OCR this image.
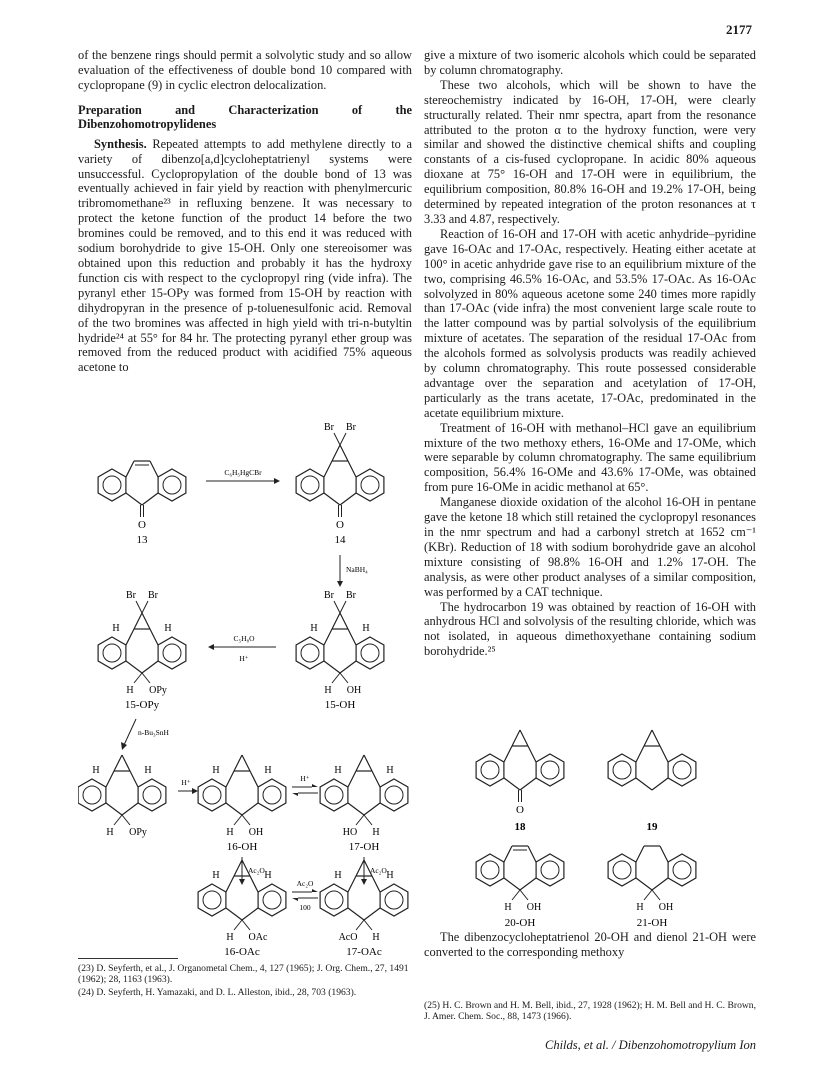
2177

of the benzene rings should permit a solvolytic study and so allow evaluation of the effectiveness of double bond 10 compared with cyclopropane (9) in cyclic electron delocalization.

Preparation and Characterization of the Dibenzohomotropylidenes

Synthesis. Repeated attempts to add methylene directly to a variety of dibenzo[a,d]cycloheptatrienyl systems were unsuccessful. Cyclopropylation of the double bond of 13 was eventually achieved in fair yield by reaction with phenylmercuric tribromomethane²³ in refluxing benzene. It was necessary to protect the ketone function of the product 14 before the two bromines could be removed, and to this end it was reduced with sodium borohydride to give 15-OH. Only one stereoisomer was obtained upon this reduction and probably it has the hydroxy function cis with respect to the cyclopropyl ring (vide infra). The pyranyl ether 15-OPy was formed from 15-OH by reaction with dihydropyran in the presence of p-toluenesulfonic acid. Removal of the two bromines was affected in high yield with tri-n-butyltin hydride²⁴ at 55° for 84 hr. The protecting pyranyl ether group was removed from the reduced product with acidified 75% aqueous acetone to

give a mixture of two isomeric alcohols which could be separated by column chromatography.

These two alcohols, which will be shown to have the stereochemistry indicated by 16-OH, 17-OH, were clearly structurally related. Their nmr spectra, apart from the resonance attributed to the proton α to the hydroxy function, were very similar and showed the distinctive chemical shifts and coupling constants of a cis-fused cyclopropane. In acidic 80% aqueous dioxane at 75° 16-OH and 17-OH were in equilibrium, the equilibrium composition, 80.8% 16-OH and 19.2% 17-OH, being determined by repeated integration of the proton resonances at τ 3.33 and 4.87, respectively.

Reaction of 16-OH and 17-OH with acetic anhydride–pyridine gave 16-OAc and 17-OAc, respectively. Heating either acetate at 100° in acetic anhydride gave rise to an equilibrium mixture of the two, comprising 46.5% 16-OAc, and 53.5% 17-OAc. As 16-OAc solvolyzed in 80% aqueous acetone some 240 times more rapidly than 17-OAc (vide infra) the most convenient large scale route to the latter compound was by partial solvolysis of the equilibrium mixture of acetates. The separation of the residual 17-OAc from the alcohols formed as solvolysis products was readily achieved by column chromatography. This route possessed considerable advantage over the separation and acetylation of 17-OH, particularly as the trans acetate, 17-OAc, predominated in the acetate equilibrium mixture.

Treatment of 16-OH with methanol–HCl gave an equilibrium mixture of the two methoxy ethers, 16-OMe and 17-OMe, which were separable by column chromatography. The same equilibrium composition, 56.4% 16-OMe and 43.6% 17-OMe, was obtained from pure 16-OMe in acidic methanol at 65°.

Manganese dioxide oxidation of the alcohol 16-OH in pentane gave the ketone 18 which still retained the cyclopropyl resonances in the nmr spectrum and had a carbonyl stretch at 1652 cm⁻¹ (KBr). Reduction of 18 with sodium borohydride gave an alcohol mixture consisting of 98.8% 16-OH and 1.2% 17-OH. The analysis, as were other product analyses of a similar composition, was performed by a CAT technique.

The hydrocarbon 19 was obtained by reaction of 16-OH with anhydrous HCl and solvolysis of the resulting chloride, which was not isolated, in aqueous dimethoxyethane containing sodium borohydride.²⁵

O
13
C₆H₅HgCBr
Br Br
O
14
NaBH₄
Br Br
H	H
H OH
15-OH
C₅H₈O
H⁺
Br Br
H	H
H OPy
15-OPy
n-Bu₃SnH
H	H
H OPy
H⁺
H	H
H OH
16-OH
H⁺
H	H
HO H
17-OH
Ac₂O	Ac₂O
H	H
H OAc
16-OAc
Ac₂O
100
H	H
AcO H
17-OAc
O
18	19
H OH
20-OH
H OH
21-OH

The dibenzocycloheptatrienol 20-OH and dienol 21-OH were converted to the corresponding methoxy

(23) D. Seyferth, et al., J. Organometal Chem., 4, 127 (1965); J. Org. Chem., 27, 1491 (1962); 28, 1163 (1963).

(24) D. Seyferth, H. Yamazaki, and D. L. Alleston, ibid., 28, 703 (1963).

(25) H. C. Brown and H. M. Bell, ibid., 27, 1928 (1962); H. M. Bell and H. C. Brown, J. Amer. Chem. Soc., 88, 1473 (1966).

Childs, et al. / Dibenzohomotropylium Ion
